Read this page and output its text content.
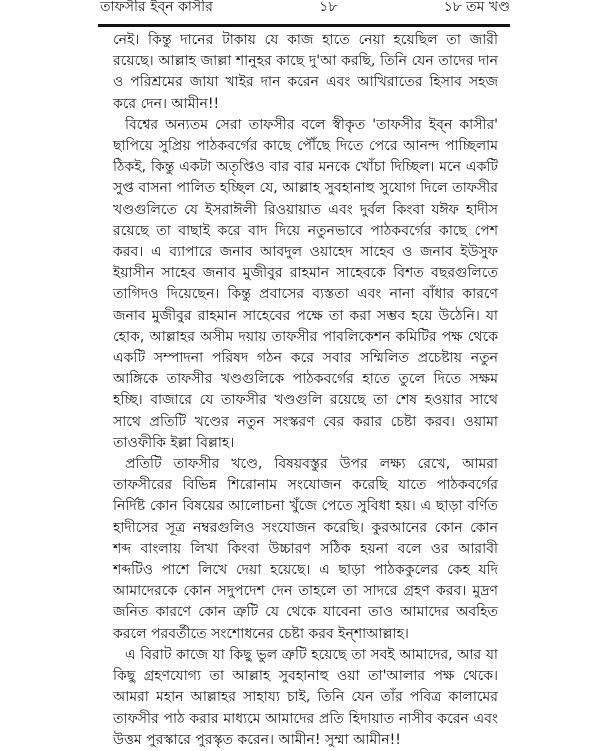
তাফসীর ইব্‌ন কাসীর	১৮	১৮ তম খণ্ড

নেই। কিন্তু দানের টাকায় যে কাজ হাতে নেয়া হয়েছিল তা জারী রয়েছে। আল্লাহ জাল্লা শানুহর কাছে দু'আ করছি, তিনি যেন তাদের দান ও পরিশ্রমের জাযা খাইর দান করেন এবং আখিরাতের হিসাব সহজ করে দেন। আমীন!!

বিশ্বের অন্যতম সেরা তাফসীর বলে স্বীকৃত 'তাফসীর ইব্‌ন কাসীর' ছাপিয়ে সুপ্রিয় পাঠকবর্গের কাছে পৌঁছে দিতে পেরে আনন্দ পাচ্ছিলাম ঠিকই, কিন্তু একটা অতৃপ্তিও বার বার মনকে খোঁচা দিচ্ছিল। মনে একটি সুপ্ত বাসনা পালিত হচ্ছিল যে, আল্লাহ সুবহানাহু সুযোগ দিলে তাফসীর খণ্ডগুলিতে যে ইসরাঈলী রিওয়ায়াত এবং দুর্বল কিংবা যঈফ হাদীস রয়েছে তা বাছাই করে বাদ দিয়ে নতুনভাবে পাঠকবর্গের কাছে পেশ করব। এ ব্যাপারে জনাব আবদুল ওয়াহেদ সাহেব ও জনাব ইউসুফ ইয়াসীন সাহেব জনাব মুজীবুর রাহমান সাহেবকে বিশত বছরগুলিতে তাগিদও দিয়েছেন। কিন্তু প্রবাসের ব্যস্ততা এবং নানা বাঁধার কারণে জনাব মুজীবুর রাহমান সাহেবের পক্ষে তা করা সম্ভব হয়ে উঠেনি। যা হোক, আল্লাহর অসীম দয়ায় তাফসীর পাবলিকেশন কমিটির পক্ষ থেকে একটি সম্পাদনা পরিষদ গঠন করে সবার সম্মিলিত প্রচেষ্টায় নতুন আঙ্গিকে তাফসীর খণ্ডগুলিকে পাঠকবর্গের হাতে তুলে দিতে সক্ষম হচ্ছি। বাজারে যে তাফসীর খণ্ডগুলি রয়েছে তা শেষ হওয়ার সাথে সাথে প্রতিটি খণ্ডের নতুন সংস্করণ বের করার চেষ্টা করব। ওয়ামা তাওফীকি ইল্লা বিল্লাহ।

প্রতিটি তাফসীর খণ্ডে, বিষয়বস্তুর উপর লক্ষ্য রেখে, আমরা তাফসীরের বিভিন্ন শিরোনাম সংযোজন করেছি যাতে পাঠকবর্গের নির্দিষ্ট কোন বিষয়ের আলোচনা খুঁজে পেতে সুবিধা হয়। এ ছাড়া বর্ণিত হাদীসের সূত্র নম্বরগুলিও সংযোজন করেছি। কুরআনের কোন কোন শব্দ বাংলায় লিখা কিংবা উচ্চারণ সঠিক হয়না বলে ওর আরাবী শব্দটিও পাশে লিখে দেয়া হয়েছে। এ ছাড়া পাঠককুলের কেহ যদি আমাদেরকে কোন সদুপদেশ দেন তাহলে তা সাদরে গ্রহণ করব। মুদ্রণ জনিত কারণে কোন ত্রুটি যে থেকে যাবেনা তাও আমাদের অবহিত করলে পরবর্তীতে সংশোধনের চেষ্টা করব ইন্‌শাআল্লাহ।

এ বিরাট কাজে যা কিছু ভুল ত্রুটি হয়েছে তা সবই আমাদের, আর যা কিছু গ্রহণযোগ্য তা আল্লাহ সুবহানাহু ওয়া তা'আলার পক্ষ থেকে। আমরা মহান আল্লাহর সাহায্য চাই, তিনি যেন তাঁর পবিত্র কালামের তাফসীর পাঠ করার মাধ্যমে আমাদের প্রতি হিদায়াত নাসীব করেন এবং উত্তম পুরস্কারে পুরস্কৃত করেন। আমীন! সুম্মা আমীন!!
